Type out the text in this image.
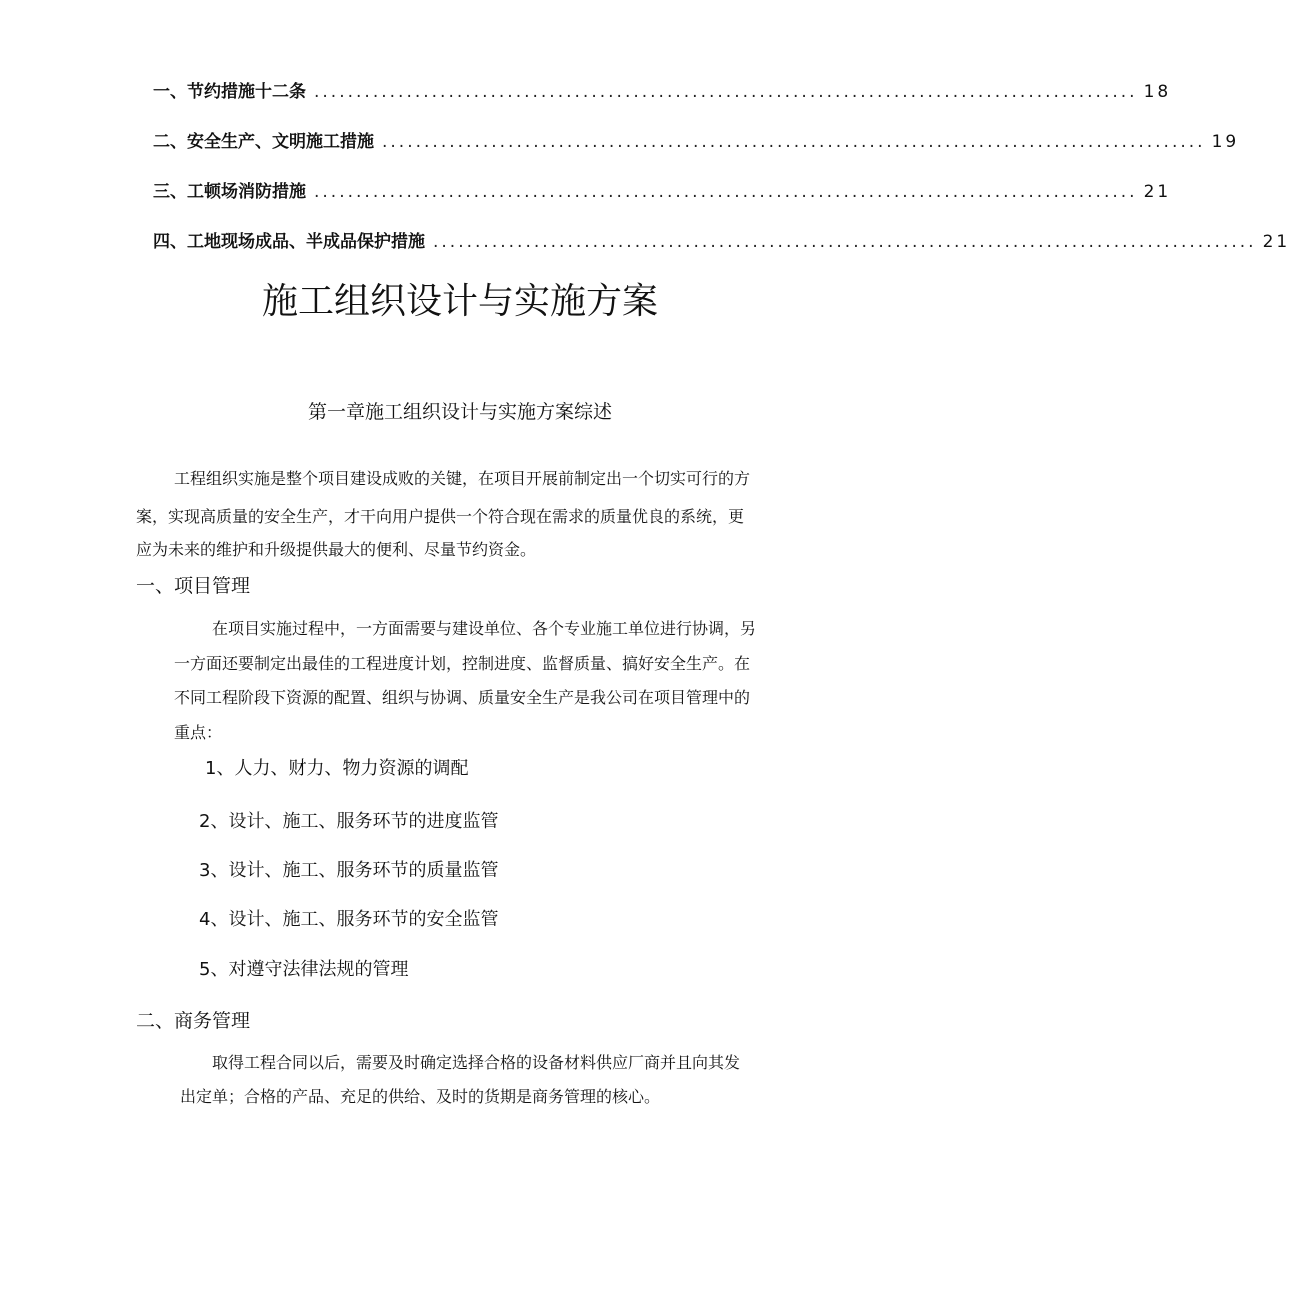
一、节约措施十二条 .................................................................................................. 18
二、安全生产、文明施工措施 .................................................................................................. 19
三、工顿场消防措施 .................................................................................................. 21
四、工地现场成品、半成品保护措施 .................................................................................................. 21
施工组织设计与实施方案
第一章施工组织设计与实施方案综述
工程组织实施是整个项目建设成败的关键，在项目开展前制定出一个切实可行的方
案，实现高质量的安全生产，才干向用户提供一个符合现在需求的质量优良的系统，更
应为未来的维护和升级提供最大的便利、尽量节约资金。
一、项目管理
在项目实施过程中，一方面需要与建设单位、各个专业施工单位进行协调，另
一方面还要制定出最佳的工程进度计划，控制进度、监督质量、搞好安全生产。在
不同工程阶段下资源的配置、组织与协调、质量安全生产是我公司在项目管理中的
重点：
1、人力、财力、物力资源的调配
2、设计、施工、服务环节的进度监管
3、设计、施工、服务环节的质量监管
4、设计、施工、服务环节的安全监管
5、对遵守法律法规的管理
二、商务管理
取得工程合同以后，需要及时确定选择合格的设备材料供应厂商并且向其发
出定单；合格的产品、充足的供给、及时的货期是商务管理的核心。
